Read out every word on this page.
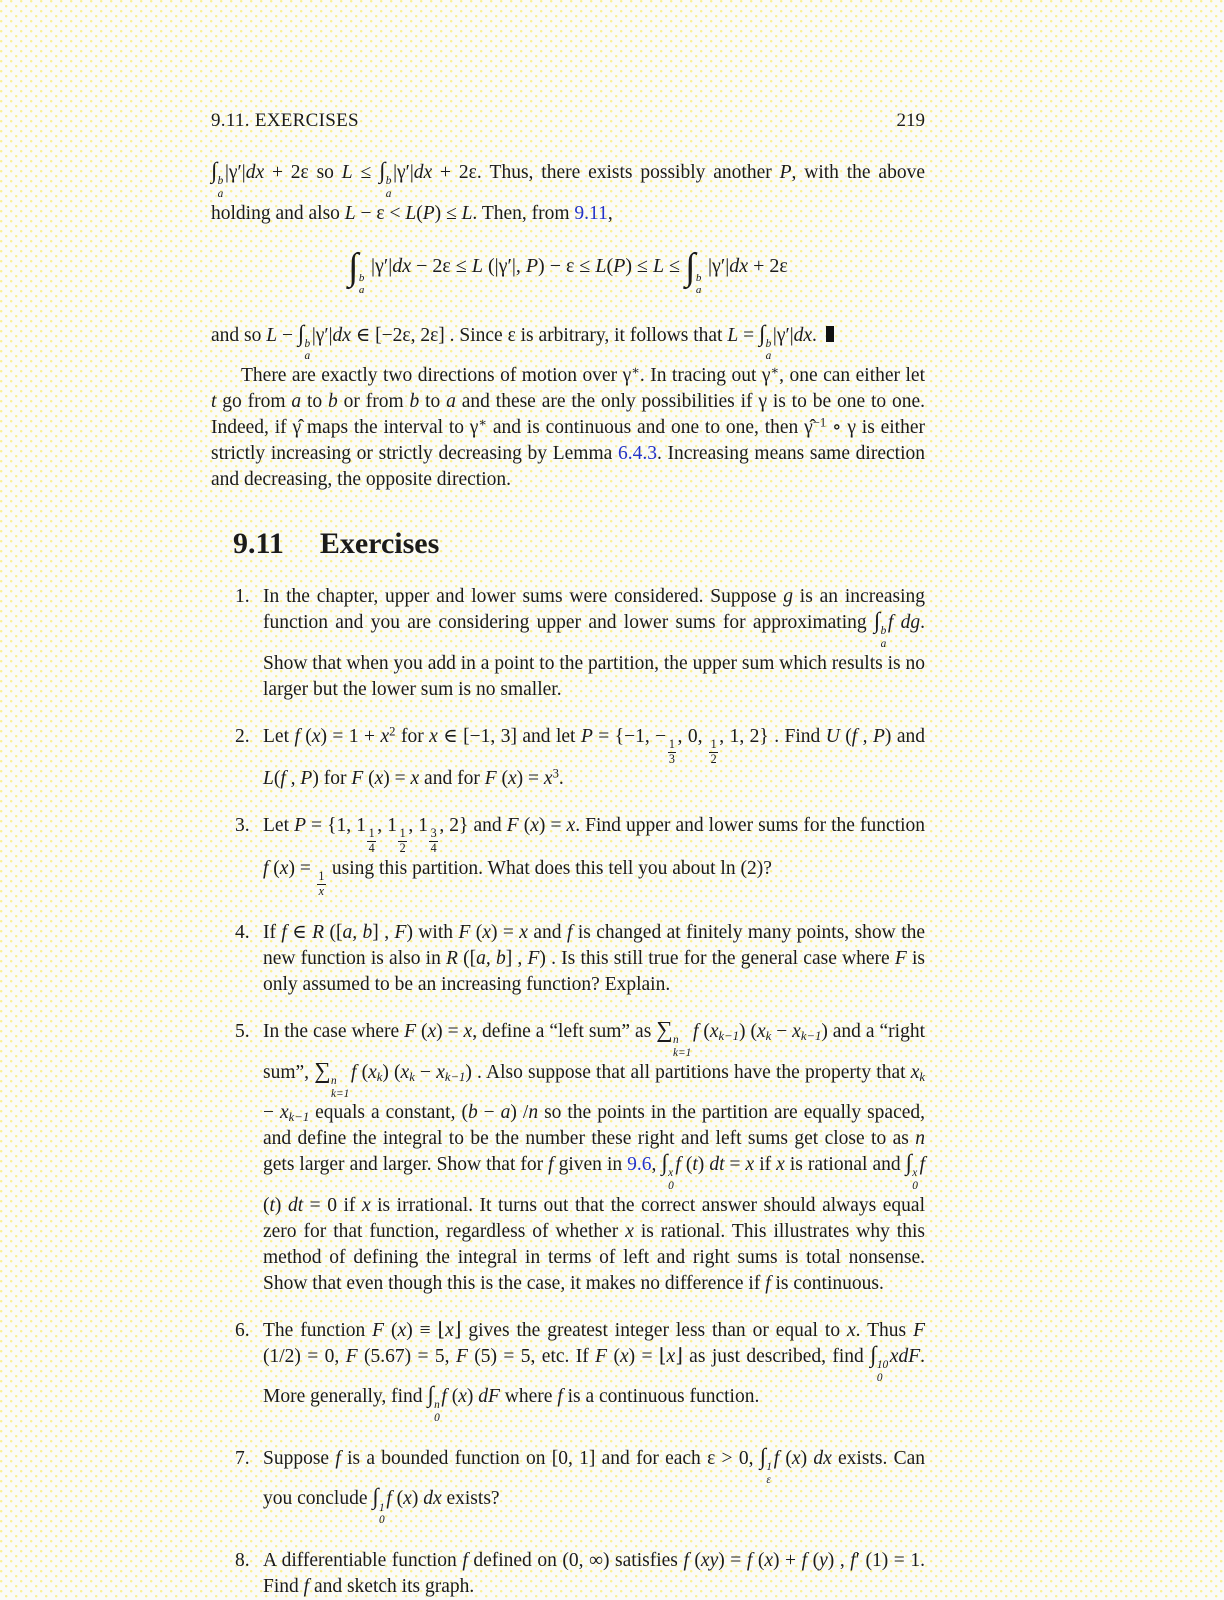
9.11. EXERCISES	219

∫ b
a
|γ′|dx + 2ε so L ≤ ∫ b
a
|γ′|dx + 2ε. Thus, there exists possibly another P, with the above holding and also L − ε < L(P) ≤ L. Then, from 9.11,

∫ b
a
|γ′|dx − 2ε ≤ L (|γ′|, P) − ε ≤ L(P) ≤ L ≤ ∫ b
a
|γ′|dx + 2ε

and so L − ∫ b
a
|γ′|dx ∈ [−2ε, 2ε] . Since ε is arbitrary, it follows that L = ∫ b
a
|γ′|dx.

There are exactly two directions of motion over γ∗. In tracing out γ∗, one can either let t go from a to b or from b to a and these are the only possibilities if γ is to be one to one. Indeed, if γ̂ maps the interval to γ∗ and is continuous and one to one, then γ̂$^{-1}$ ∘ γ is either strictly increasing or strictly decreasing by Lemma 6.4.3. Increasing means same direction and decreasing, the opposite direction.

9.11 Exercises
1. In the chapter, upper and lower sums were considered. Suppose g is an increasing function and you are considering upper and lower sums for approximating ∫ b
a
f dg. Show that when you add in a point to the partition, the upper sum which results is no larger but the lower sum is no smaller.
2. Let f $(x) = 1 + x^2$ for x ∈ [−1, 3] and let P = {−1, −
$\frac{1}{3}$
, 0,
$\frac{1}{2}$
, 1, 2} . Find U (f , P) and L(f , P) for F (x) = x and for F $(x) = x^3$.
3. Let P = {1, 1
$\frac{1}{4}$
, 1
$\frac{1}{2}$
, 1
$\frac{3}{4}$
, 2} and F (x) = x. Find upper and lower sums for the function f (x) =
$\frac{1}{x}$
using this partition. What does this tell you about ln (2)?
4. If f ∈ R ([a, b] , F) with F (x) = x and f is changed at finitely many points, show the new function is also in R ([a, b] , F) . Is this still true for the general case where F is only assumed to be an increasing function? Explain.
5. In the case where F (x) = x, define a “left sum” as ∑ n
k=1
f (xk−1) (xk − xk−1) and a “right sum”, ∑ n
k=1
f (xk) (xk − xk−1) . Also suppose that all partitions have the property that xk − xk−1 equals a constant, (b − a) /n so the points in the partition are equally spaced, and define the integral to be the number these right and left sums get close to as n gets larger and larger. Show that for f given in 9.6, ∫ x
0
f (t) dt = x if x is rational and ∫ x
0
f (t) dt = 0 if x is irrational. It turns out that the correct answer should always equal zero for that function, regardless of whether x is rational. This illustrates why this method of defining the integral in terms of left and right sums is total nonsense. Show that even though this is the case, it makes no difference if f is continuous.
6. The function F (x) ≡ ⌊x⌋ gives the greatest integer less than or equal to x. Thus F (1/2) = 0, F (5.67) = 5, F (5) = 5, etc. If F (x) = ⌊x⌋ as just described, find ∫ 10
0
xdF. More generally, find ∫ n
0
f (x) dF where f is a continuous function.
7. Suppose f is a bounded function on [0, 1] and for each ε > 0, ∫ 1
ε
f (x) dx exists. Can you conclude ∫ 1
0
f (x) dx exists?
8. A differentiable function f defined on (0, ∞) satisfies f (xy) = f (x) + f (y) , f′ (1) = 1. Find f and sketch its graph.
